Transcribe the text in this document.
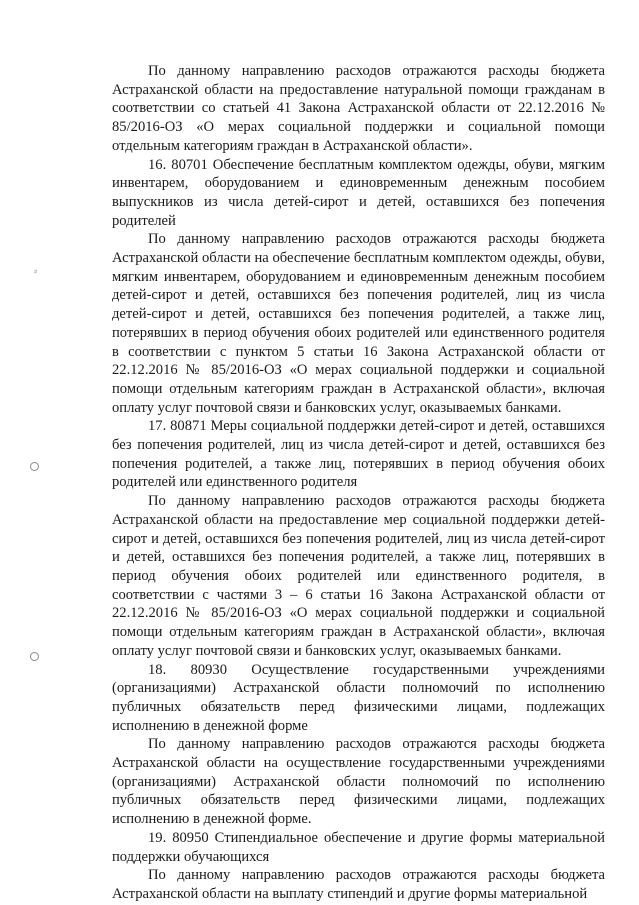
⸗

По данному направлению расходов отражаются расходы бюджета Астраханской области на предоставление натуральной помощи гражданам в соответствии со статьей 41 Закона Астраханской области от 22.12.2016 № 85/2016-ОЗ «О мерах социальной поддержки и социальной помощи отдельным категориям граждан в Астраханской области».

16. 80701 Обеспечение бесплатным комплектом одежды, обуви, мягким инвентарем, оборудованием и единовременным денежным пособием выпускников из числа детей-сирот и детей, оставшихся без попечения родителей

По данному направлению расходов отражаются расходы бюджета Астраханской области на обеспечение бесплатным комплектом одежды, обуви, мягким инвентарем, оборудованием и единовременным денежным пособием детей-сирот и детей, оставшихся без попечения родителей, лиц из числа детей-сирот и детей, оставшихся без попечения родителей, а также лиц, потерявших в период обучения обоих родителей или единственного родителя в соответствии с пунктом 5 статьи 16 Закона Астраханской области от 22.12.2016 № 85/2016-ОЗ «О мерах социальной поддержки и социальной помощи отдельным категориям граждан в Астраханской области», включая оплату услуг почтовой связи и банковских услуг, оказываемых банками.

17. 80871 Меры социальной поддержки детей-сирот и детей, оставшихся без попечения родителей, лиц из числа детей-сирот и детей, оставшихся без попечения родителей, а также лиц, потерявших в период обучения обоих родителей или единственного родителя

По данному направлению расходов отражаются расходы бюджета Астраханской области на предоставление мер социальной поддержки детей-сирот и детей, оставшихся без попечения родителей, лиц из числа детей-сирот и детей, оставшихся без попечения родителей, а также лиц, потерявших в период обучения обоих родителей или единственного родителя, в соответствии с частями 3 – 6 статьи 16 Закона Астраханской области от 22.12.2016 № 85/2016-ОЗ «О мерах социальной поддержки и социальной помощи отдельным категориям граждан в Астраханской области», включая оплату услуг почтовой связи и банковских услуг, оказываемых банками.

18. 80930 Осуществление государственными учреждениями (организациями) Астраханской области полномочий по исполнению публичных обязательств перед физическими лицами, подлежащих исполнению в денежной форме

По данному направлению расходов отражаются расходы бюджета Астраханской области на осуществление государственными учреждениями (организациями) Астраханской области полномочий по исполнению публичных обязательств перед физическими лицами, подлежащих исполнению в денежной форме.

19. 80950 Стипендиальное обеспечение и другие формы материальной поддержки обучающихся

По данному направлению расходов отражаются расходы бюджета Астраханской области на выплату стипендий и другие формы материальной
